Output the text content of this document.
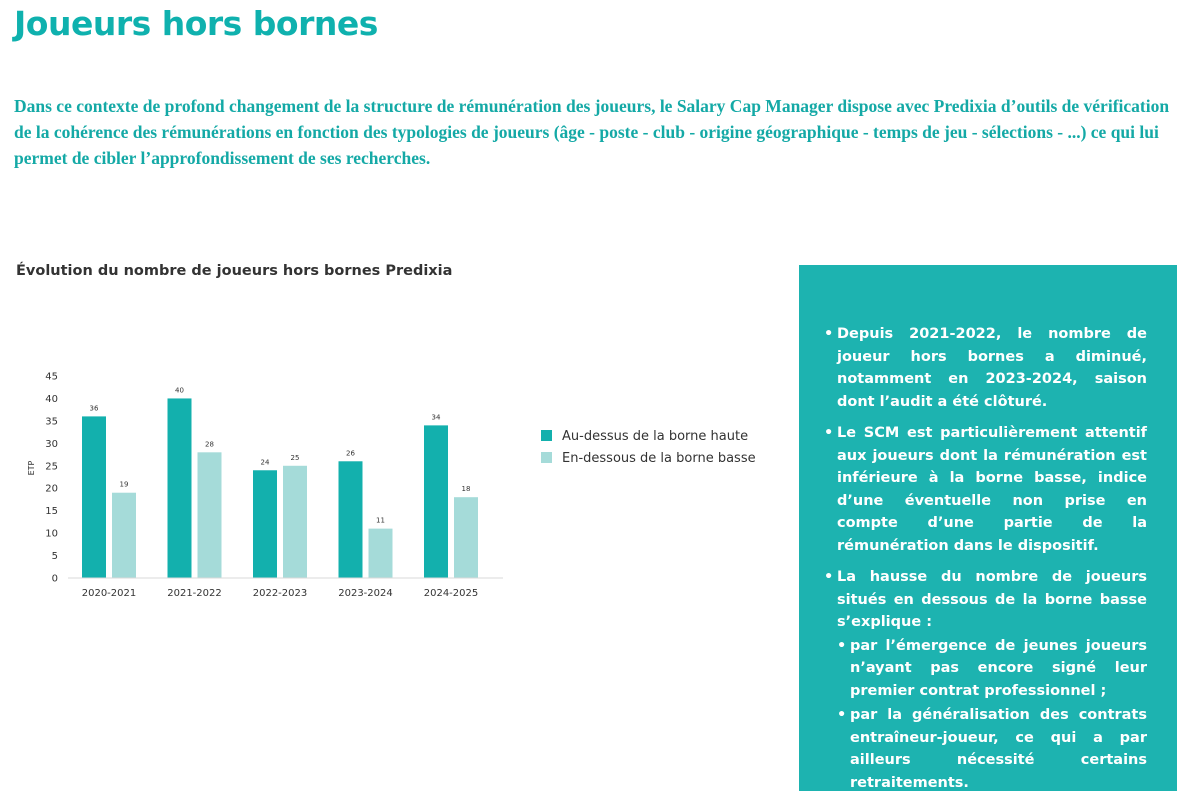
Joueurs hors bornes

Dans ce contexte de profond changement de la structure de rémunération des joueurs, le Salary Cap Manager dispose avec Predixia d’outils de vérification de la cohérence des rémunérations en fonction des typologies de joueurs (âge - poste - club - origine géographique - temps de jeu - sélections - ...) ce qui lui permet de cibler l’approfondissement de ses recherches.

Évolution du nombre de joueurs hors bornes Predixia
0
5
10
15
20
25
30
35
40
45
ETP
36
19
40
28
24
25
26
11
34
18
2020-2021	2021-2022	2022-2023	2023-2024	2024-2025
Au-dessus de la borne haute
En-dessous de la borne basse
• Depuis 2021-2022, le nombre de joueur hors bornes a diminué, notamment en 2023-2024, saison dont l’audit a été clôturé.
• Le SCM est particulièrement attentif aux joueurs dont la rémunération est inférieure à la borne basse, indice d’une éventuelle non prise en compte d’une partie de la rémunération dans le dispositif.
• La hausse du nombre de joueurs situés en dessous de la borne basse s’explique :
• par l’émergence de jeunes joueurs n’ayant pas encore signé leur premier contrat professionnel ;
• par la généralisation des contrats entraîneur-joueur, ce qui a par ailleurs nécessité certains retraitements.
